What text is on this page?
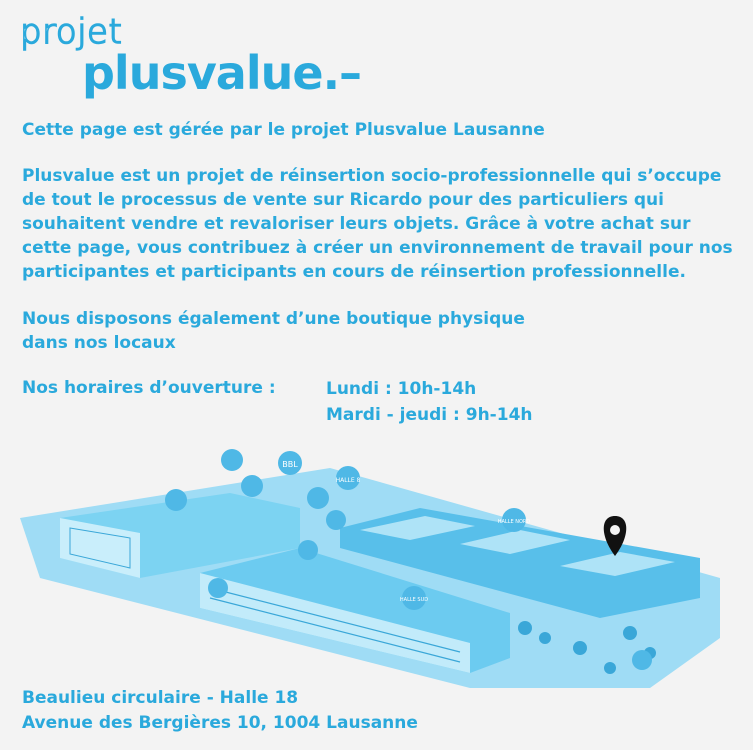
projet
plusvalue.–
Cette page est gérée par le projet Plusvalue Lausanne
Plusvalue est un projet de réinsertion socio-professionnelle qui s’occupe de tout le processus de vente sur Ricardo pour des particuliers qui souhaitent vendre et revaloriser leurs objets. Grâce à votre achat sur cette page, vous contribuez à créer un environnement de travail pour nos participantes et participants en cours de réinsertion professionnelle.
Nous disposons également d’une boutique physique dans nos locaux
Nos horaires d’ouverture :	Lundi : 10h-14h
Mardi - jeudi : 9h-14h
BBL
HALLE 8
HALLE NORD
HALLE SUD
Beaulieu circulaire - Halle 18
Avenue des Bergières 10, 1004 Lausanne
